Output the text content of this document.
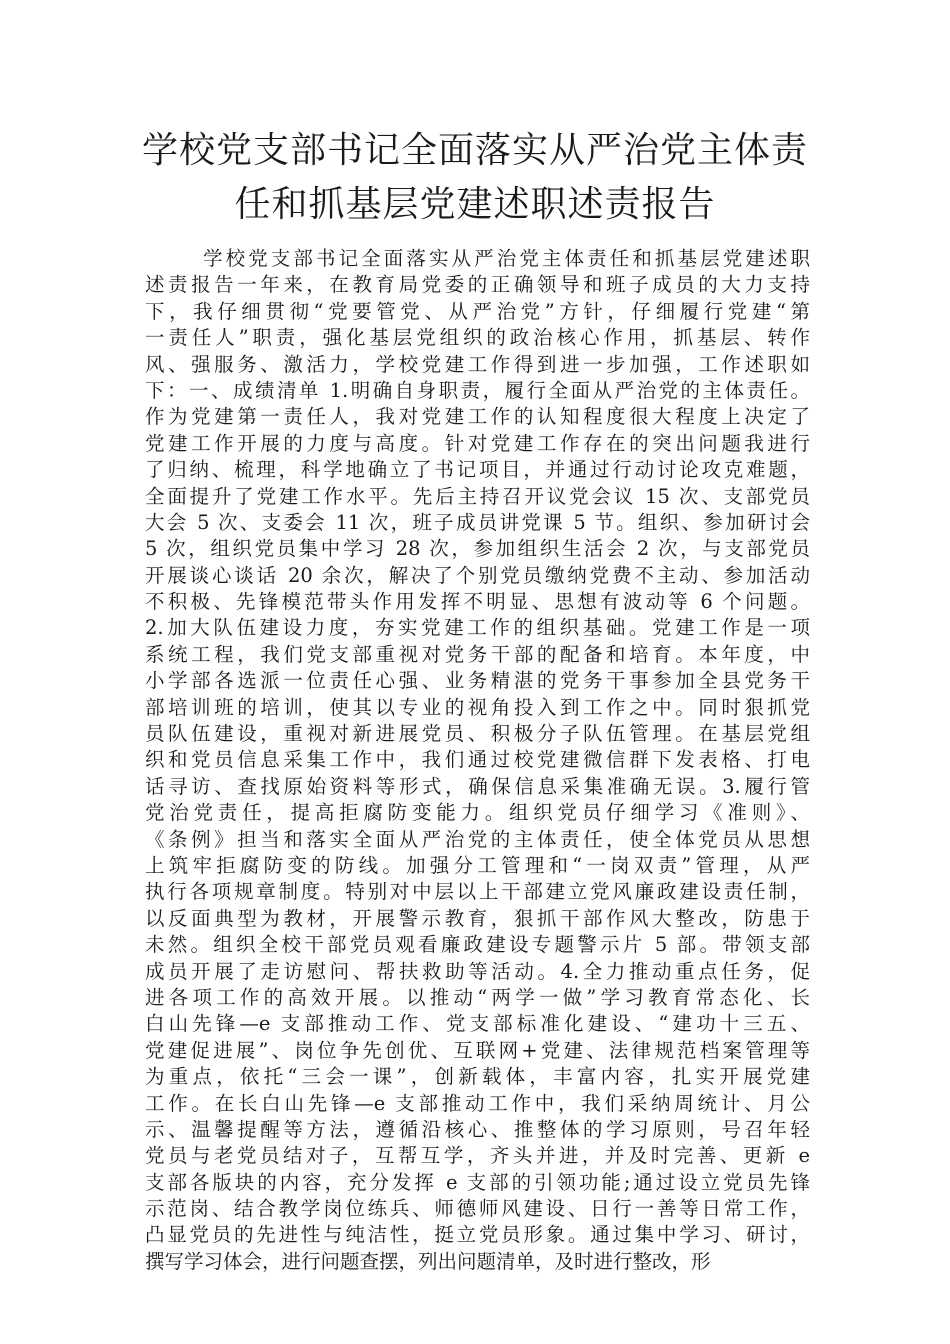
学校党支部书记全面落实从严治党主体责
任和抓基层党建述职述责报告
学校党支部书记全面落实从严治党主体责任和抓基层党建述职
述责报告一年来，在教育局党委的正确领导和班子成员的大力支持
下，我仔细贯彻“党要管党、从严治党”方针，仔细履行党建“第
一责任人”职责，强化基层党组织的政治核心作用，抓基层、转作
风、强服务、激活力，学校党建工作得到进一步加强，工作述职如
下：一、成绩清单 1.明确自身职责，履行全面从严治党的主体责任。
作为党建第一责任人，我对党建工作的认知程度很大程度上决定了
党建工作开展的力度与高度。针对党建工作存在的突出问题我进行
了归纳、梳理，科学地确立了书记项目，并通过行动讨论攻克难题，
全面提升了党建工作水平。先后主持召开议党会议 15 次、支部党员
大会 5 次、支委会 11 次，班子成员讲党课 5 节。组织、参加研讨会
5 次，组织党员集中学习 28 次，参加组织生活会 2 次，与支部党员
开展谈心谈话 20 余次，解决了个别党员缴纳党费不主动、参加活动
不积极、先锋模范带头作用发挥不明显、思想有波动等 6 个问题。
2.加大队伍建设力度，夯实党建工作的组织基础。党建工作是一项
系统工程，我们党支部重视对党务干部的配备和培育。本年度，中
小学部各选派一位责任心强、业务精湛的党务干事参加全县党务干
部培训班的培训，使其以专业的视角投入到工作之中。同时狠抓党
员队伍建设，重视对新进展党员、积极分子队伍管理。在基层党组
织和党员信息采集工作中，我们通过校党建微信群下发表格、打电
话寻访、查找原始资料等形式，确保信息采集准确无误。3.履行管
党治党责任，提高拒腐防变能力。组织党员仔细学习《准则》、
《条例》担当和落实全面从严治党的主体责任，使全体党员从思想
上筑牢拒腐防变的防线。加强分工管理和“一岗双责”管理，从严
执行各项规章制度。特别对中层以上干部建立党风廉政建设责任制，
以反面典型为教材，开展警示教育，狠抓干部作风大整改，防患于
未然。组织全校干部党员观看廉政建设专题警示片 5 部。带领支部
成员开展了走访慰问、帮扶救助等活动。4.全力推动重点任务，促
进各项工作的高效开展。以推动“两学一做”学习教育常态化、长
白山先锋—e 支部推动工作、党支部标准化建设、“建功十三五、
党建促进展”、岗位争先创优、互联网+党建、法律规范档案管理等
为重点，依托“三会一课”，创新载体，丰富内容，扎实开展党建
工作。在长白山先锋—e 支部推动工作中，我们采纳周统计、月公
示、温馨提醒等方法，遵循沿核心、推整体的学习原则，号召年轻
党员与老党员结对子，互帮互学，齐头并进，并及时完善、更新 e
支部各版块的内容，充分发挥 e 支部的引领功能;通过设立党员先锋
示范岗、结合教学岗位练兵、师德师风建设、日行一善等日常工作，
凸显党员的先进性与纯洁性，挺立党员形象。通过集中学习、研讨，
撰写学习体会，进行问题查摆，列出问题清单，及时进行整改，形
